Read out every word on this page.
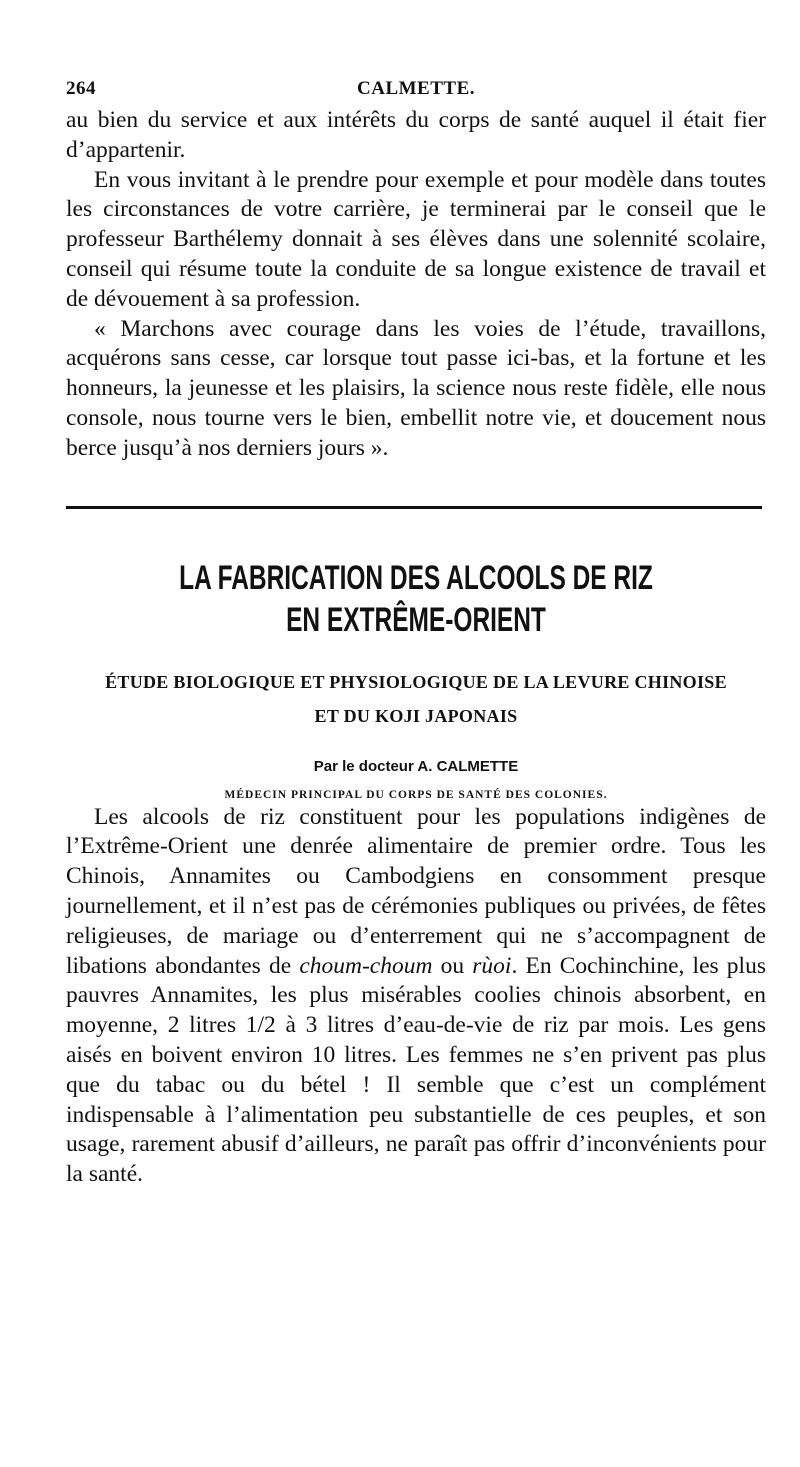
264	CALMETTE.

au bien du service et aux intérêts du corps de santé auquel il était fier d’appartenir.

En vous invitant à le prendre pour exemple et pour modèle dans toutes les circonstances de votre carrière, je terminerai par le conseil que le professeur Barthélemy donnait à ses élèves dans une solennité scolaire, conseil qui résume toute la conduite de sa longue existence de travail et de dévouement à sa profession.

« Marchons avec courage dans les voies de l’étude, travaillons, acquérons sans cesse, car lorsque tout passe ici-bas, et la fortune et les honneurs, la jeunesse et les plaisirs, la science nous reste fidèle, elle nous console, nous tourne vers le bien, embellit notre vie, et doucement nous berce jusqu’à nos derniers jours ».

LA FABRICATION DES ALCOOLS DE RIZ
EN EXTRÊME-ORIENT
ÉTUDE BIOLOGIQUE ET PHYSIOLOGIQUE DE LA LEVURE CHINOISE
ET DU KOJI JAPONAIS
Par le docteur A. CALMETTE
MÉDECIN PRINCIPAL DU CORPS DE SANTÉ DES COLONIES.

Les alcools de riz constituent pour les populations indigènes de l’Extrême-Orient une denrée alimentaire de premier ordre. Tous les Chinois, Annamites ou Cambodgiens en consomment presque journellement, et il n’est pas de cérémonies publiques ou privées, de fêtes religieuses, de mariage ou d’enterrement qui ne s’accompagnent de libations abondantes de choum-choum ou rùoi. En Cochinchine, les plus pauvres Annamites, les plus misérables coolies chinois absorbent, en moyenne, 2 litres 1/2 à 3 litres d’eau-de-vie de riz par mois. Les gens aisés en boivent environ 10 litres. Les femmes ne s’en privent pas plus que du tabac ou du bétel ! Il semble que c’est un complément indispensable à l’alimentation peu substantielle de ces peuples, et son usage, rarement abusif d’ailleurs, ne paraît pas offrir d’inconvénients pour la santé.
